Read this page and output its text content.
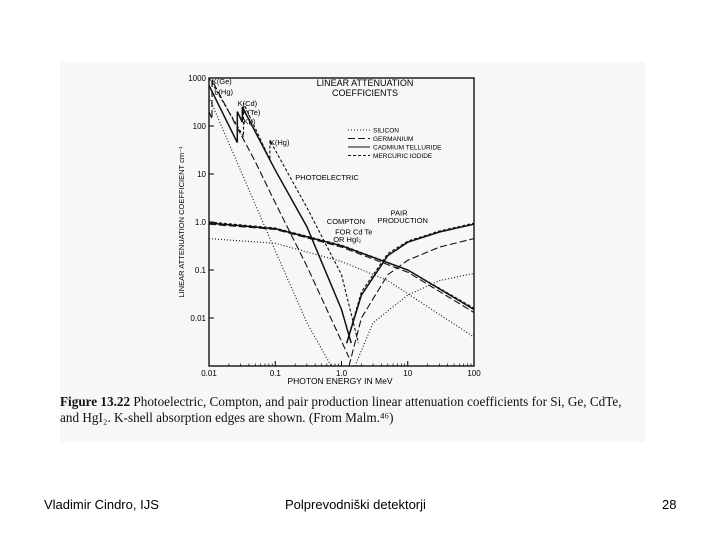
0.01	0.1	1.0	10	100
1000
100
10
1.0
0.1
0.01
LINEAR ATTENUATION
COEFFICIENTS
PHOTON ENERGY IN MeV
LINEAR ATTENUATION COEFFICIENT cm⁻¹
SILICON
GERMANIUM
CADMIUM TELLURIDE
MERCURIC IODIDE
K(Ge)
L(Hg)
K(Cd)
K(Te)
K(I)
K(Hg)
PHOTOELECTRIC
COMPTON
PAIR
PRODUCTION
FOR Cd Te
OR HgI₂
Figure 13.22 Photoelectric, Compton, and pair production linear attenuation coefficients for Si, Ge, CdTe, and HgI₂. K-shell absorption edges are shown. (From Malm.⁴⁶)
Vladimir Cindro, IJS	Polprevodniški detektorji	28
